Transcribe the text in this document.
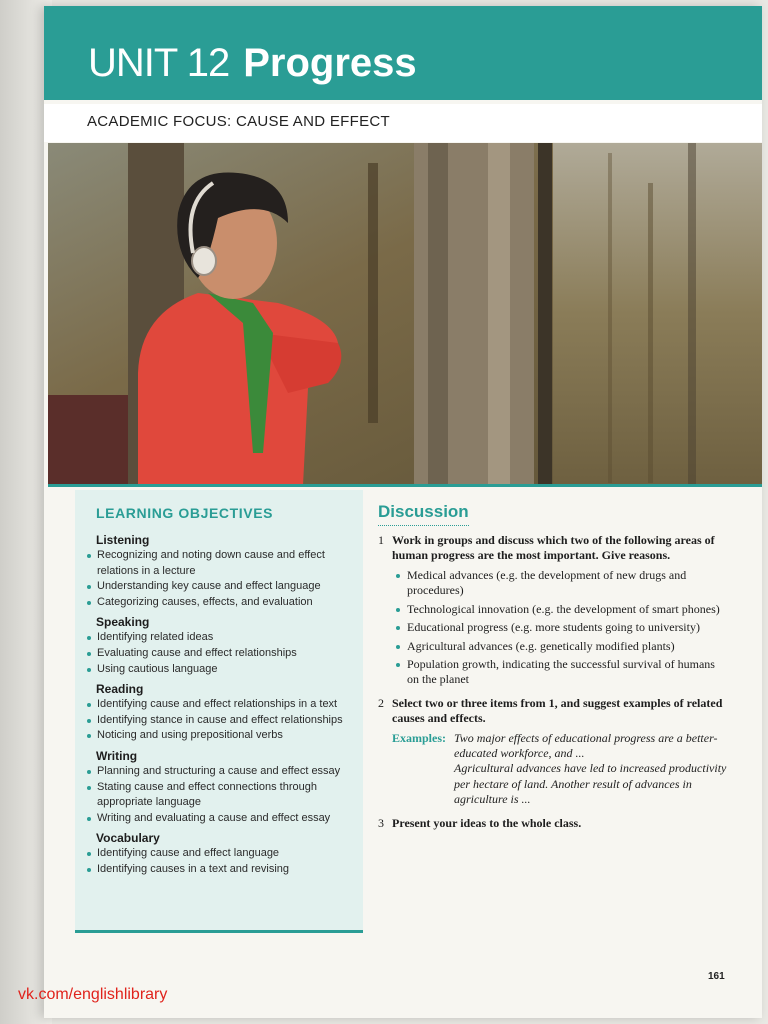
UNIT 12 Progress
ACADEMIC FOCUS: CAUSE AND EFFECT
LEARNING OBJECTIVES
Listening
Recognizing and noting down cause and effect relations in a lecture
Understanding key cause and effect language
Categorizing causes, effects, and evaluation
Speaking
Identifying related ideas
Evaluating cause and effect relationships
Using cautious language
Reading
Identifying cause and effect relationships in a text
Identifying stance in cause and effect relationships
Noticing and using prepositional verbs
Writing
Planning and structuring a cause and effect essay
Stating cause and effect connections through appropriate language
Writing and evaluating a cause and effect essay
Vocabulary
Identifying cause and effect language
Identifying causes in a text and revising
Discussion
1 Work in groups and discuss which two of the following areas of human progress are the most important. Give reasons.
Medical advances (e.g. the development of new drugs and procedures)
Technological innovation (e.g. the development of smart phones)
Educational progress (e.g. more students going to university)
Agricultural advances (e.g. genetically modified plants)
Population growth, indicating the successful survival of humans on the planet
2 Select two or three items from 1, and suggest examples of related causes and effects.
Examples: Two major effects of educational progress are a better-educated workforce, and ...

Agricultural advances have led to increased productivity per hectare of land. Another result of advances in agriculture is ...

3 Present your ideas to the whole class.
161
vk.com/englishlibrary
